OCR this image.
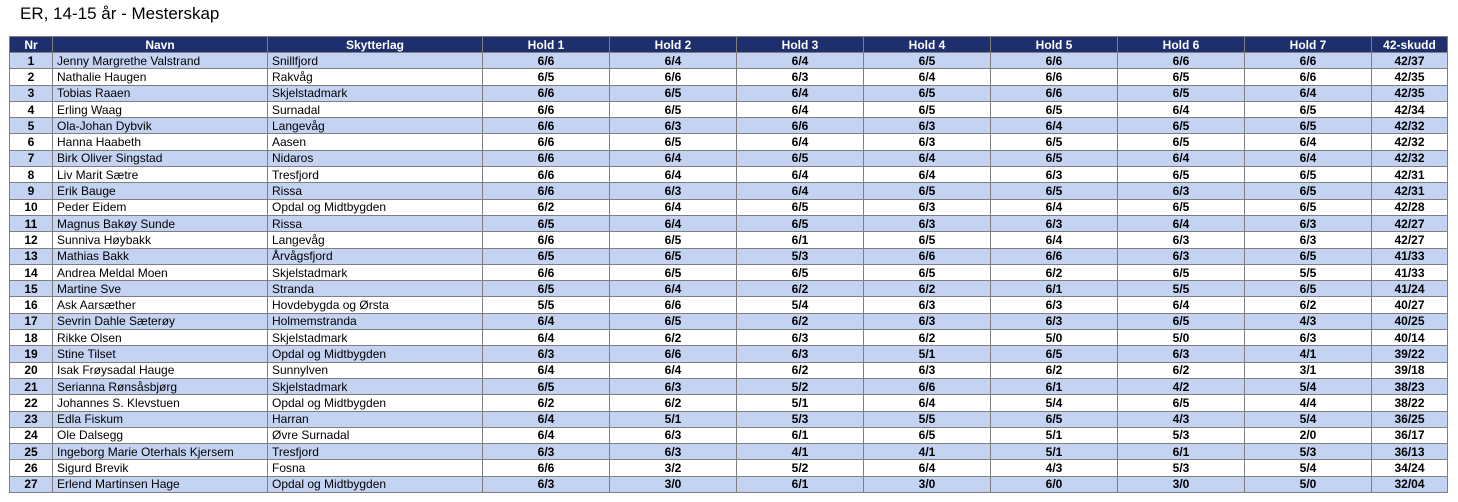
ER, 14-15 år - Mesterskap
Nr	Navn	Skytterlag	Hold 1	Hold 2	Hold 3	Hold 4	Hold 5	Hold 6	Hold 7	42-skudd
1	Jenny Margrethe Valstrand	Snillfjord	6/6	6/4	6/4	6/5	6/6	6/6	6/6	42/37
2	Nathalie Haugen	Rakvåg	6/5	6/6	6/3	6/4	6/6	6/5	6/6	42/35
3	Tobias Raaen	Skjelstadmark	6/6	6/5	6/4	6/5	6/6	6/5	6/4	42/35
4	Erling Waag	Surnadal	6/6	6/5	6/4	6/5	6/5	6/4	6/5	42/34
5	Ola-Johan Dybvik	Langevåg	6/6	6/3	6/6	6/3	6/4	6/5	6/5	42/32
6	Hanna Haabeth	Aasen	6/6	6/5	6/4	6/3	6/5	6/5	6/4	42/32
7	Birk Oliver Singstad	Nidaros	6/6	6/4	6/5	6/4	6/5	6/4	6/4	42/32
8	Liv Marit Sætre	Tresfjord	6/6	6/4	6/4	6/4	6/3	6/5	6/5	42/31
9	Erik Bauge	Rissa	6/6	6/3	6/4	6/5	6/5	6/3	6/5	42/31
10	Peder Eidem	Opdal og Midtbygden	6/2	6/4	6/5	6/3	6/4	6/5	6/5	42/28
11	Magnus Bakøy Sunde	Rissa	6/5	6/4	6/5	6/3	6/3	6/4	6/3	42/27
12	Sunniva Høybakk	Langevåg	6/6	6/5	6/1	6/5	6/4	6/3	6/3	42/27
13	Mathias Bakk	Årvågsfjord	6/5	6/5	5/3	6/6	6/6	6/3	6/5	41/33
14	Andrea Meldal Moen	Skjelstadmark	6/6	6/5	6/5	6/5	6/2	6/5	5/5	41/33
15	Martine Sve	Stranda	6/5	6/4	6/2	6/2	6/1	5/5	6/5	41/24
16	Ask Aarsæther	Hovdebygda og Ørsta	5/5	6/6	5/4	6/3	6/3	6/4	6/2	40/27
17	Sevrin Dahle Sæterøy	Holmemstranda	6/4	6/5	6/2	6/3	6/3	6/5	4/3	40/25
18	Rikke Olsen	Skjelstadmark	6/4	6/2	6/3	6/2	5/0	5/0	6/3	40/14
19	Stine Tilset	Opdal og Midtbygden	6/3	6/6	6/3	5/1	6/5	6/3	4/1	39/22
20	Isak Frøysadal Hauge	Sunnylven	6/4	6/4	6/2	6/3	6/2	6/2	3/1	39/18
21	Serianna Rønsåsbjørg	Skjelstadmark	6/5	6/3	5/2	6/6	6/1	4/2	5/4	38/23
22	Johannes S. Klevstuen	Opdal og Midtbygden	6/2	6/2	5/1	6/4	5/4	6/5	4/4	38/22
23	Edla Fiskum	Harran	6/4	5/1	5/3	5/5	6/5	4/3	5/4	36/25
24	Ole Dalsegg	Øvre Surnadal	6/4	6/3	6/1	6/5	5/1	5/3	2/0	36/17
25	Ingeborg Marie Oterhals Kjersem	Tresfjord	6/3	6/3	4/1	4/1	5/1	6/1	5/3	36/13
26	Sigurd Brevik	Fosna	6/6	3/2	5/2	6/4	4/3	5/3	5/4	34/24
27	Erlend Martinsen Hage	Opdal og Midtbygden	6/3	3/0	6/1	3/0	6/0	3/0	5/0	32/04
